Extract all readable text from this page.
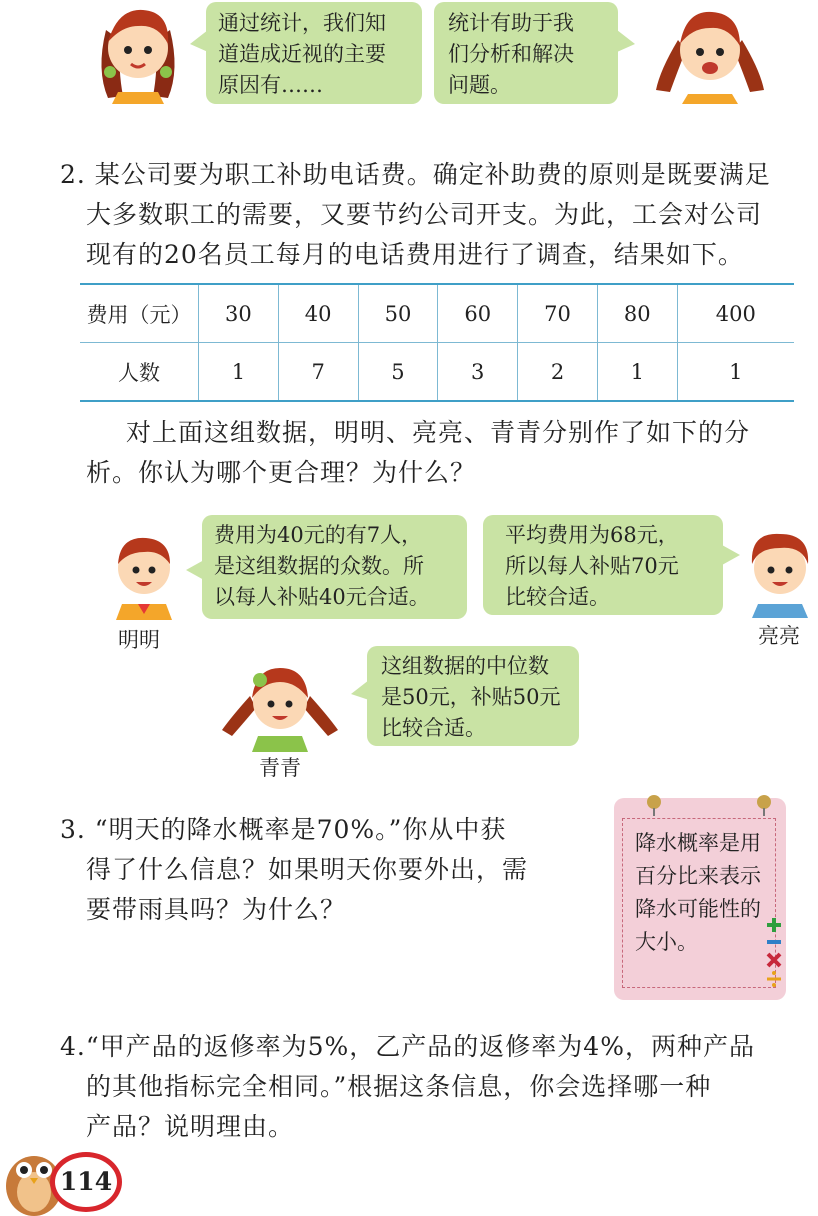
通过统计，我们知

道造成近视的主要

原因有……

统计有助于我

们分析和解决

问题。

2. 某公司要为职工补助电话费。确定补助费的原则是既要满足

大多数职工的需要，又要节约公司开支。为此，工会对公司

现有的20名员工每月的电话费用进行了调查，结果如下。

费用（元）	30	40	50	60	70	80	400
人数	1	7	5	3	2	1	1

对上面这组数据，明明、亮亮、青青分别作了如下的分

析。你认为哪个更合理？为什么？

明明

费用为40元的有7人，

是这组数据的众数。所

以每人补贴40元合适。

平均费用为68元，

所以每人补贴70元

比较合适。

亮亮
青青

这组数据的中位数

是50元，补贴50元

比较合适。

3. “明天的降水概率是70%。”你从中获

得了什么信息？如果明天你要外出，需

要带雨具吗？为什么？

降水概率是用

百分比来表示

降水可能性的

大小。

4.“甲产品的返修率为5%，乙产品的返修率为4%，两种产品

的其他指标完全相同。”根据这条信息，你会选择哪一种

产品？说明理由。

114
